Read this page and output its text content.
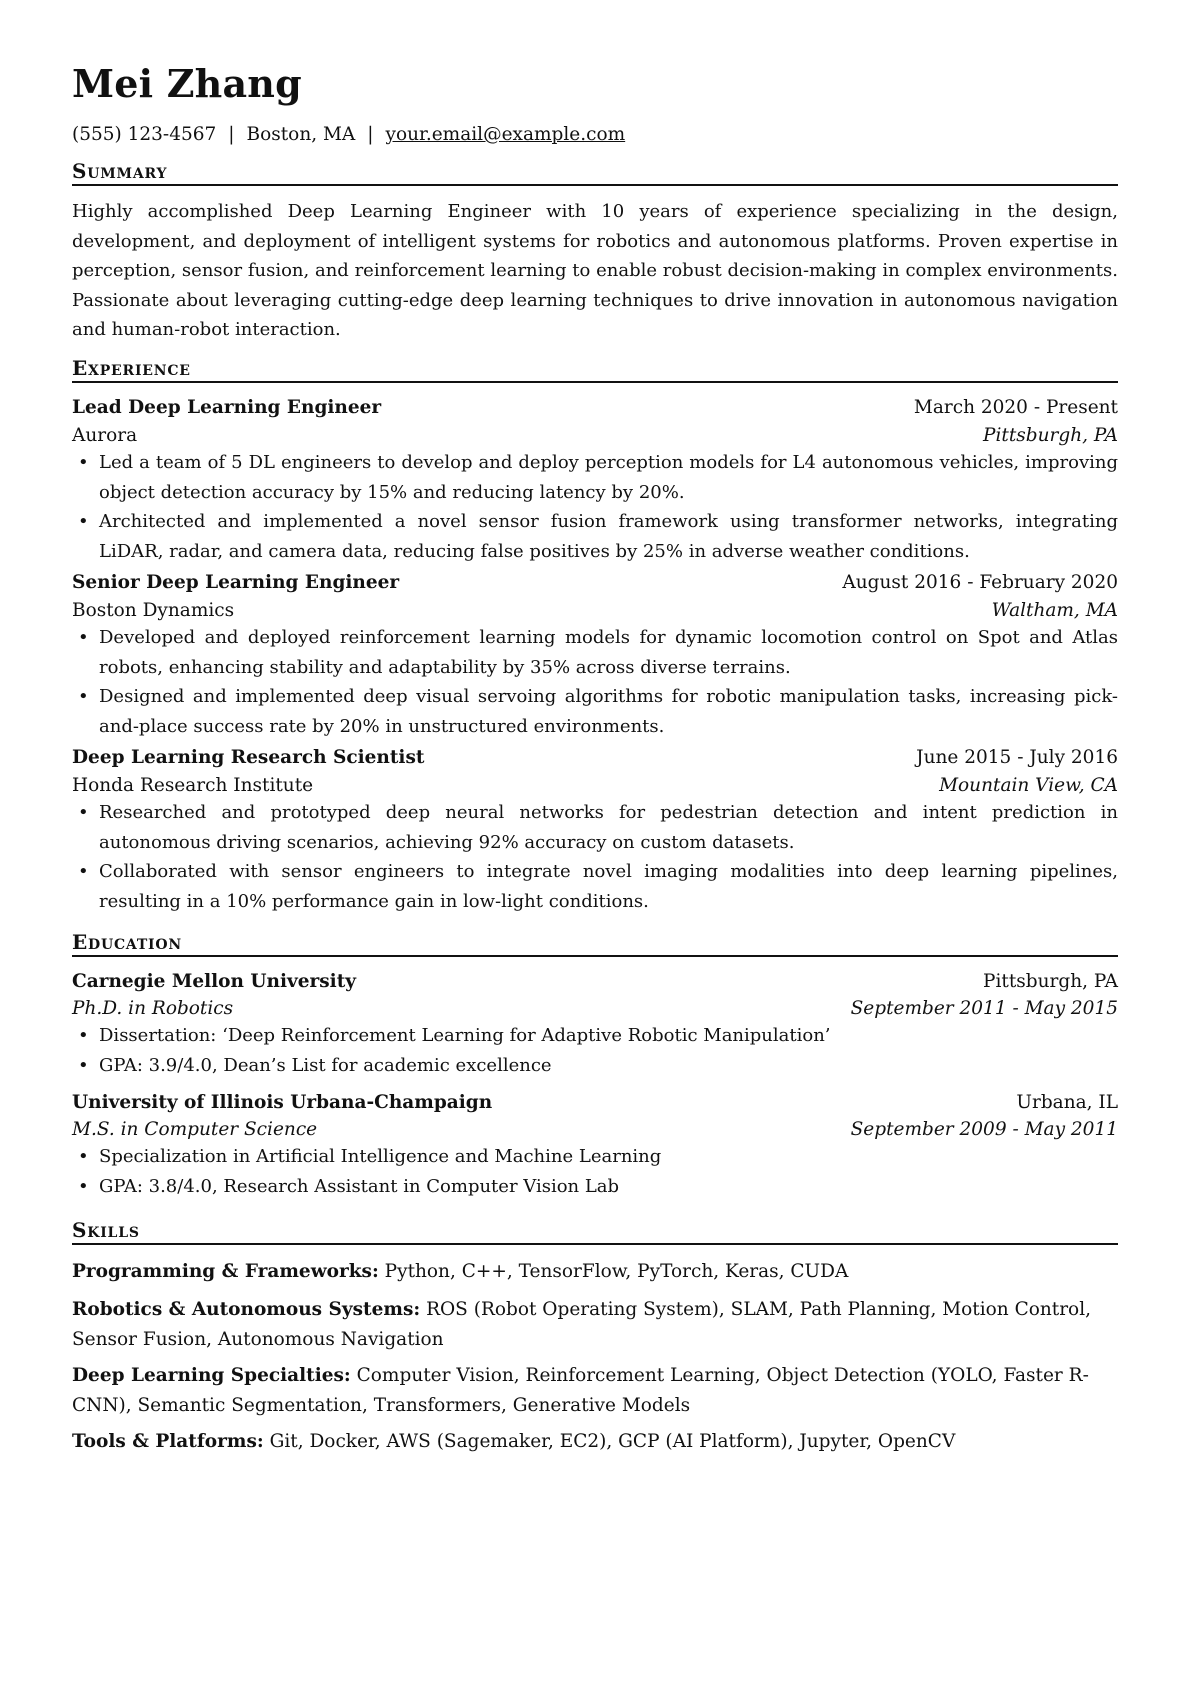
Mei Zhang
(555) 123-4567 | Boston, MA | your.email@example.com
Summary

Highly accomplished Deep Learning Engineer with 10 years of experience specializing in the design, development, and deployment of intelligent systems for robotics and autonomous platforms. Proven expertise in perception, sensor fusion, and reinforcement learning to enable robust decision-making in complex environments. Passionate about leveraging cutting-edge deep learning techniques to drive innovation in autonomous navigation and human-robot interaction.

Experience
Lead Deep Learning Engineer	March 2020 - Present
Aurora	Pittsburgh, PA
• Led a team of 5 DL engineers to develop and deploy perception models for L4 autonomous vehicles, improving object detection accuracy by 15% and reducing latency by 20%.
• Architected and implemented a novel sensor fusion framework using transformer networks, integrating LiDAR, radar, and camera data, reducing false positives by 25% in adverse weather conditions.
Senior Deep Learning Engineer	August 2016 - February 2020
Boston Dynamics	Waltham, MA
• Developed and deployed reinforcement learning models for dynamic locomotion control on Spot and Atlas robots, enhancing stability and adaptability by 35% across diverse terrains.
• Designed and implemented deep visual servoing algorithms for robotic manipulation tasks, increasing pick-and-place success rate by 20% in unstructured environments.
Deep Learning Research Scientist	June 2015 - July 2016
Honda Research Institute	Mountain View, CA
• Researched and prototyped deep neural networks for pedestrian detection and intent prediction in autonomous driving scenarios, achieving 92% accuracy on custom datasets.
• Collaborated with sensor engineers to integrate novel imaging modalities into deep learning pipelines, resulting in a 10% performance gain in low-light conditions.
Education
Carnegie Mellon University	Pittsburgh, PA
Ph.D. in Robotics	September 2011 - May 2015
• Dissertation: ‘Deep Reinforcement Learning for Adaptive Robotic Manipulation’
• GPA: 3.9/4.0, Dean’s List for academic excellence
University of Illinois Urbana-Champaign	Urbana, IL
M.S. in Computer Science	September 2009 - May 2011
• Specialization in Artificial Intelligence and Machine Learning
• GPA: 3.8/4.0, Research Assistant in Computer Vision Lab
Skills

Programming & Frameworks: Python, C++, TensorFlow, PyTorch, Keras, CUDA

Robotics & Autonomous Systems: ROS (Robot Operating System), SLAM, Path Planning, Motion Control, Sensor Fusion, Autonomous Navigation

Deep Learning Specialties: Computer Vision, Reinforcement Learning, Object Detection (YOLO, Faster R-CNN), Semantic Segmentation, Transformers, Generative Models

Tools & Platforms: Git, Docker, AWS (Sagemaker, EC2), GCP (AI Platform), Jupyter, OpenCV
